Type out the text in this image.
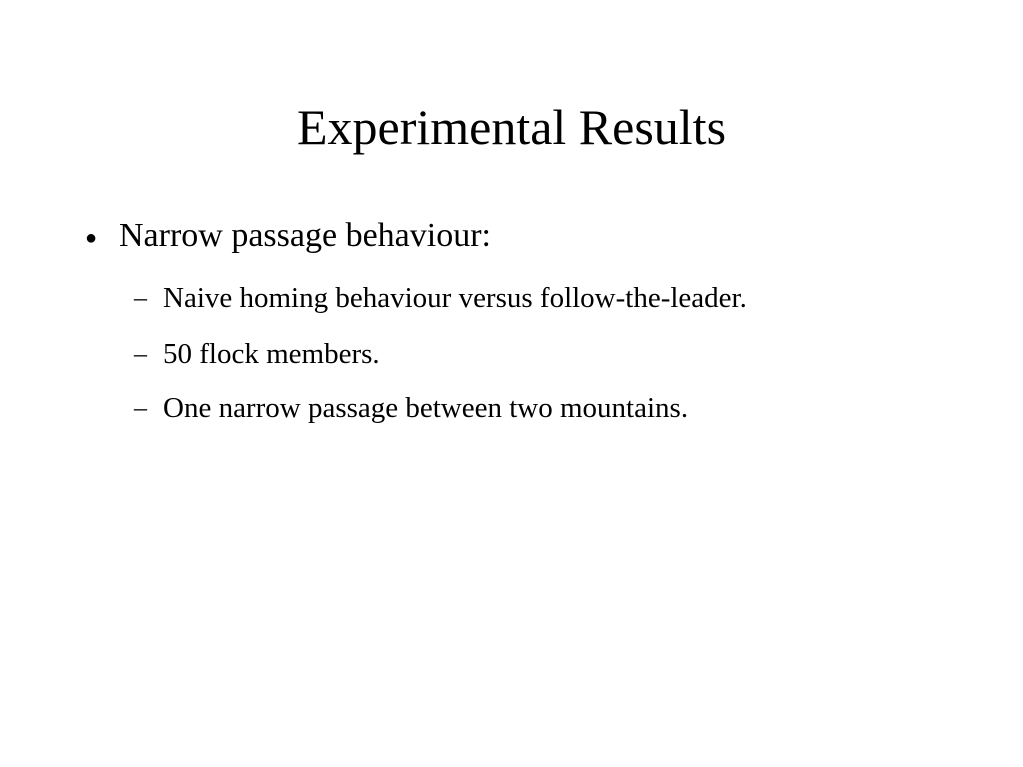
Experimental Results
● Narrow passage behaviour:
– Naive homing behaviour versus follow-the-leader.
– 50 flock members.
– One narrow passage between two mountains.
